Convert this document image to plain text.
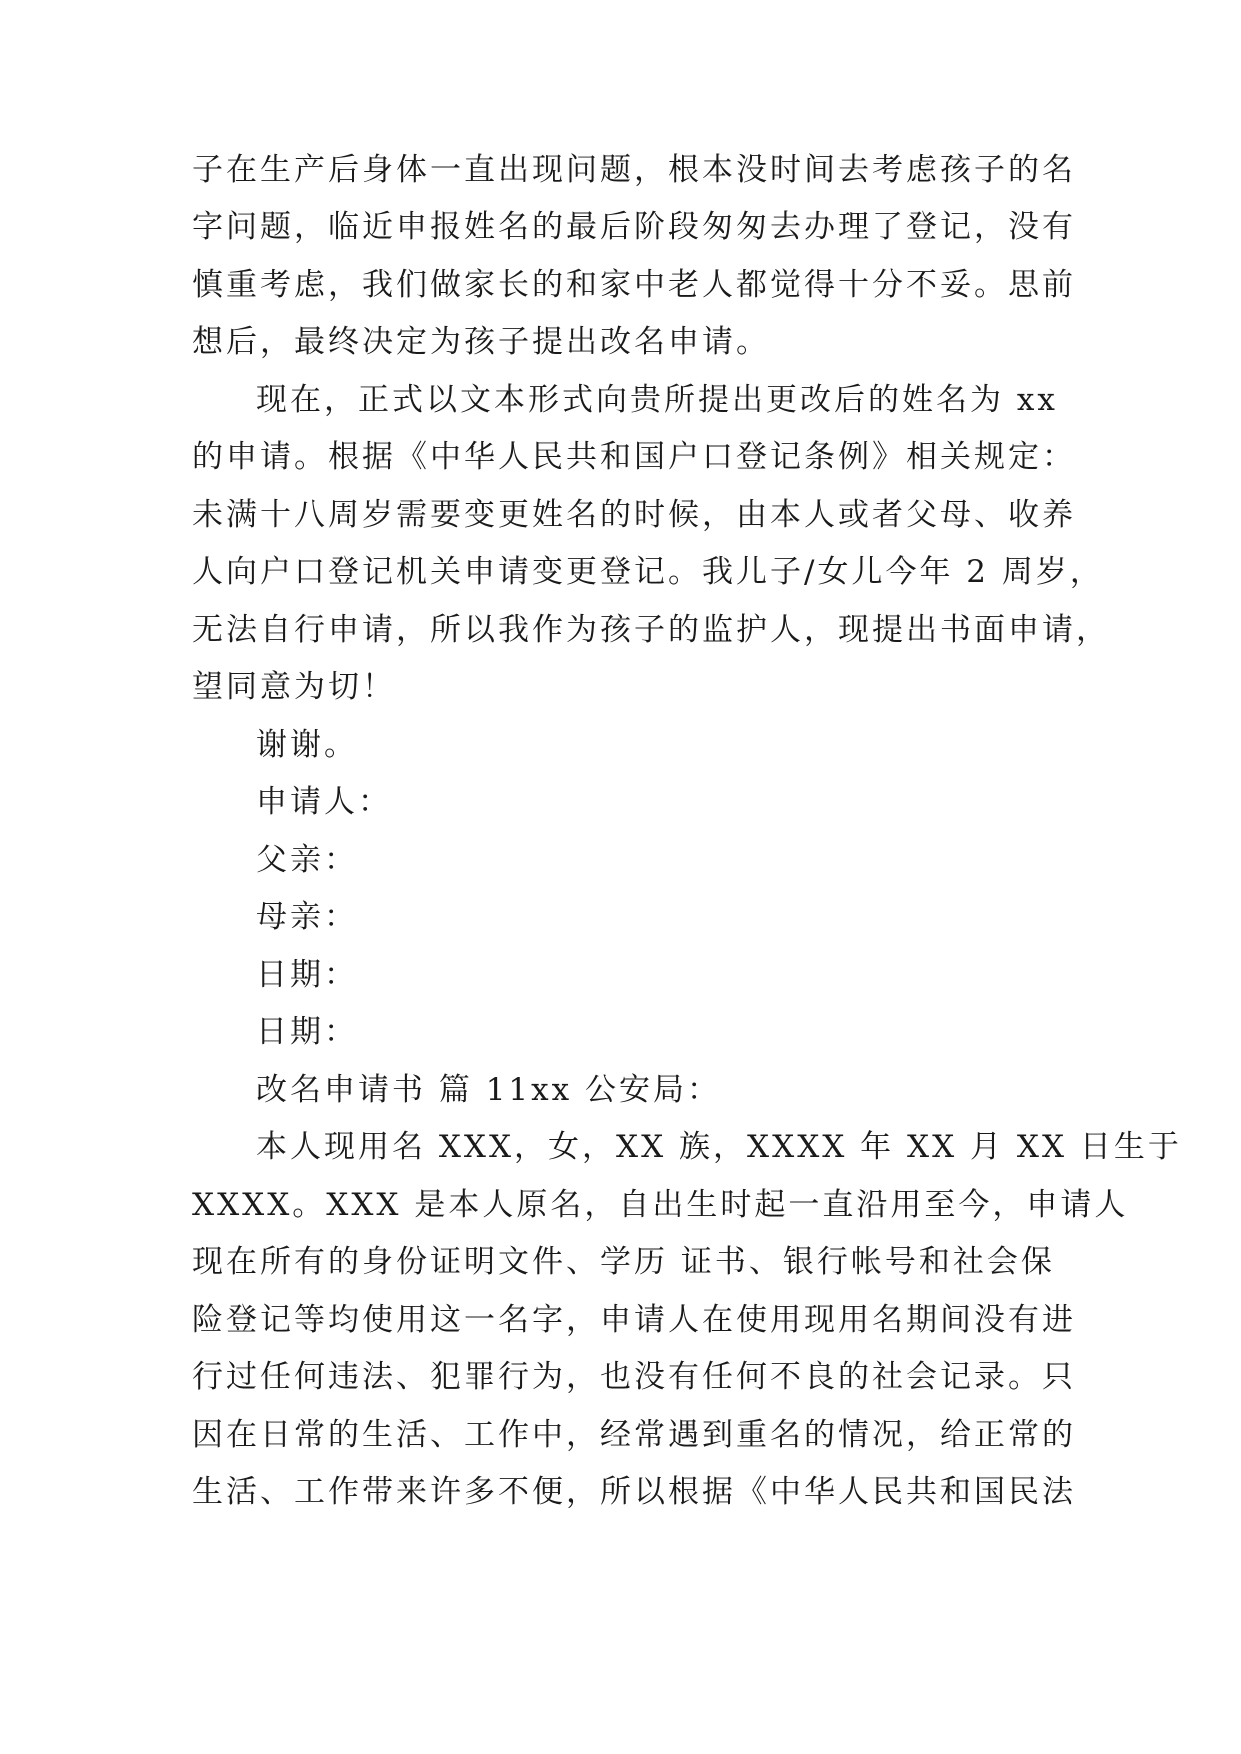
子在生产后身体一直出现问题，根本没时间去考虑孩子的名
字问题，临近申报姓名的最后阶段匆匆去办理了登记，没有
慎重考虑，我们做家长的和家中老人都觉得十分不妥。思前
想后，最终决定为孩子提出改名申请。
现在，正式以文本形式向贵所提出更改后的姓名为 xx
的申请。根据《中华人民共和国户口登记条例》相关规定：
未满十八周岁需要变更姓名的时候，由本人或者父母、收养
人向户口登记机关申请变更登记。我儿子/女儿今年 2 周岁，
无法自行申请，所以我作为孩子的监护人，现提出书面申请，
望同意为切！
谢谢。
申请人：
父亲：
母亲：
日期：
日期：
改名申请书 篇 11xx 公安局：
本人现用名 XXX，女，XX 族，XXXX 年 XX 月 XX 日生于
XXXX。XXX 是本人原名，自出生时起一直沿用至今，申请人
现在所有的身份证明文件、学历 证书、银行帐号和社会保
险登记等均使用这一名字，申请人在使用现用名期间没有进
行过任何违法、犯罪行为，也没有任何不良的社会记录。只
因在日常的生活、工作中，经常遇到重名的情况，给正常的
生活、工作带来许多不便，所以根据《中华人民共和国民法
